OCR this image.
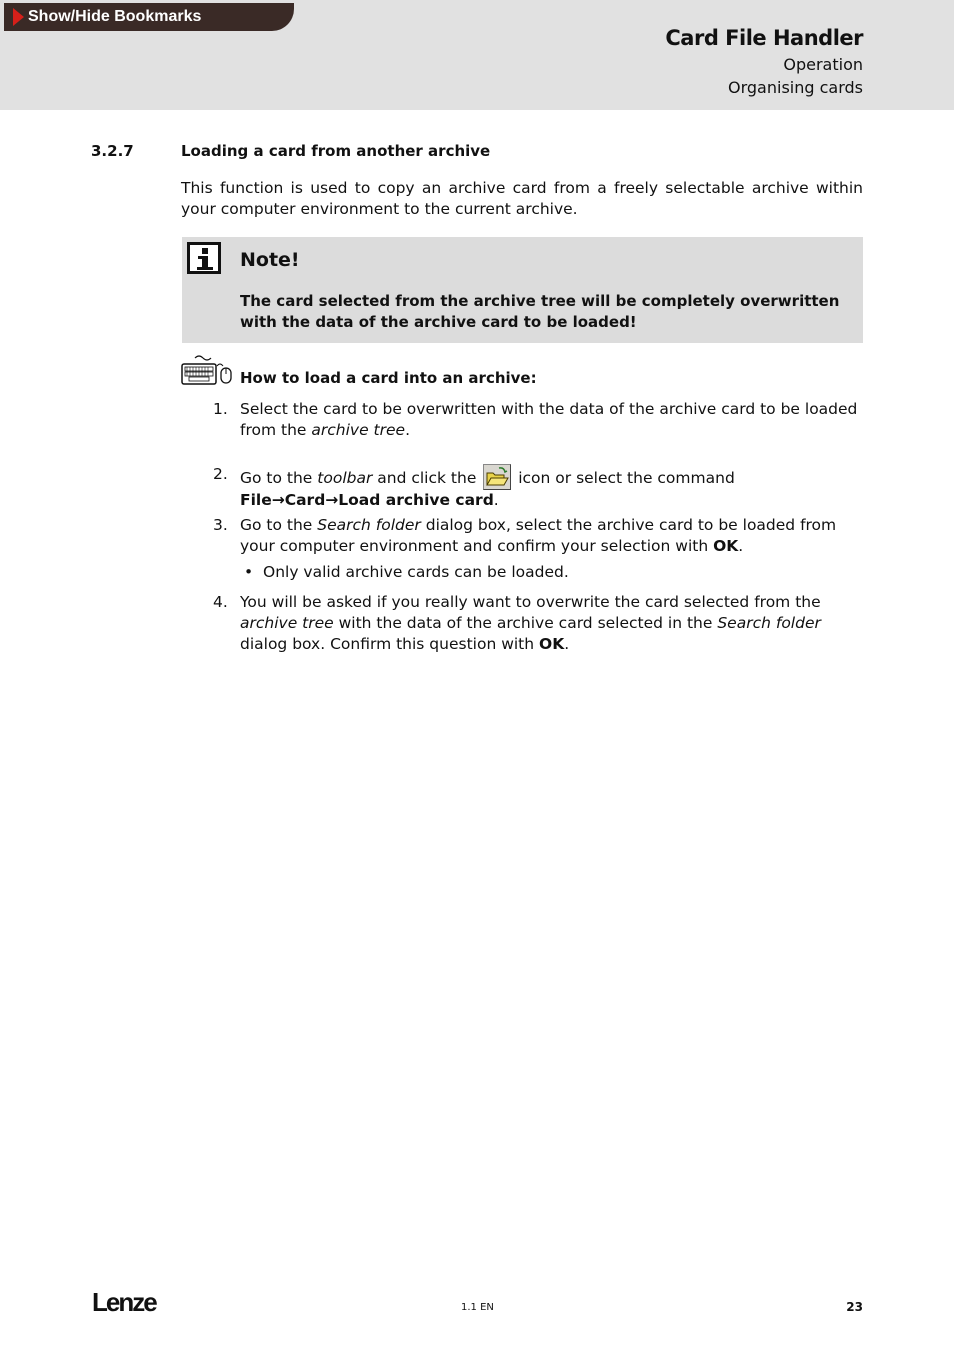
Show/Hide Bookmarks
Card File Handler
Operation
Organising cards
3.2.7	Loading a card from another archive
This function is used to copy an archive card from a freely selectable archive within your computer environment to the current archive.
Note!
The card selected from the archive tree will be completely overwritten with the data of the archive card to be loaded!
How to load a card into an archive:
1. Select the card to be overwritten with the data of the archive card to be loaded from the archive tree.
2. Go to the toolbar and click the  icon or select the command File→Card→Load archive card.
3. Go to the Search folder dialog box, select the archive card to be loaded from your computer environment and confirm your selection with OK.
• Only valid archive cards can be loaded.
4. You will be asked if you really want to overwrite the card selected from the archive tree with the data of the archive card selected in the Search folder dialog box. Confirm this question with OK.
Lenze	1.1 EN	23
